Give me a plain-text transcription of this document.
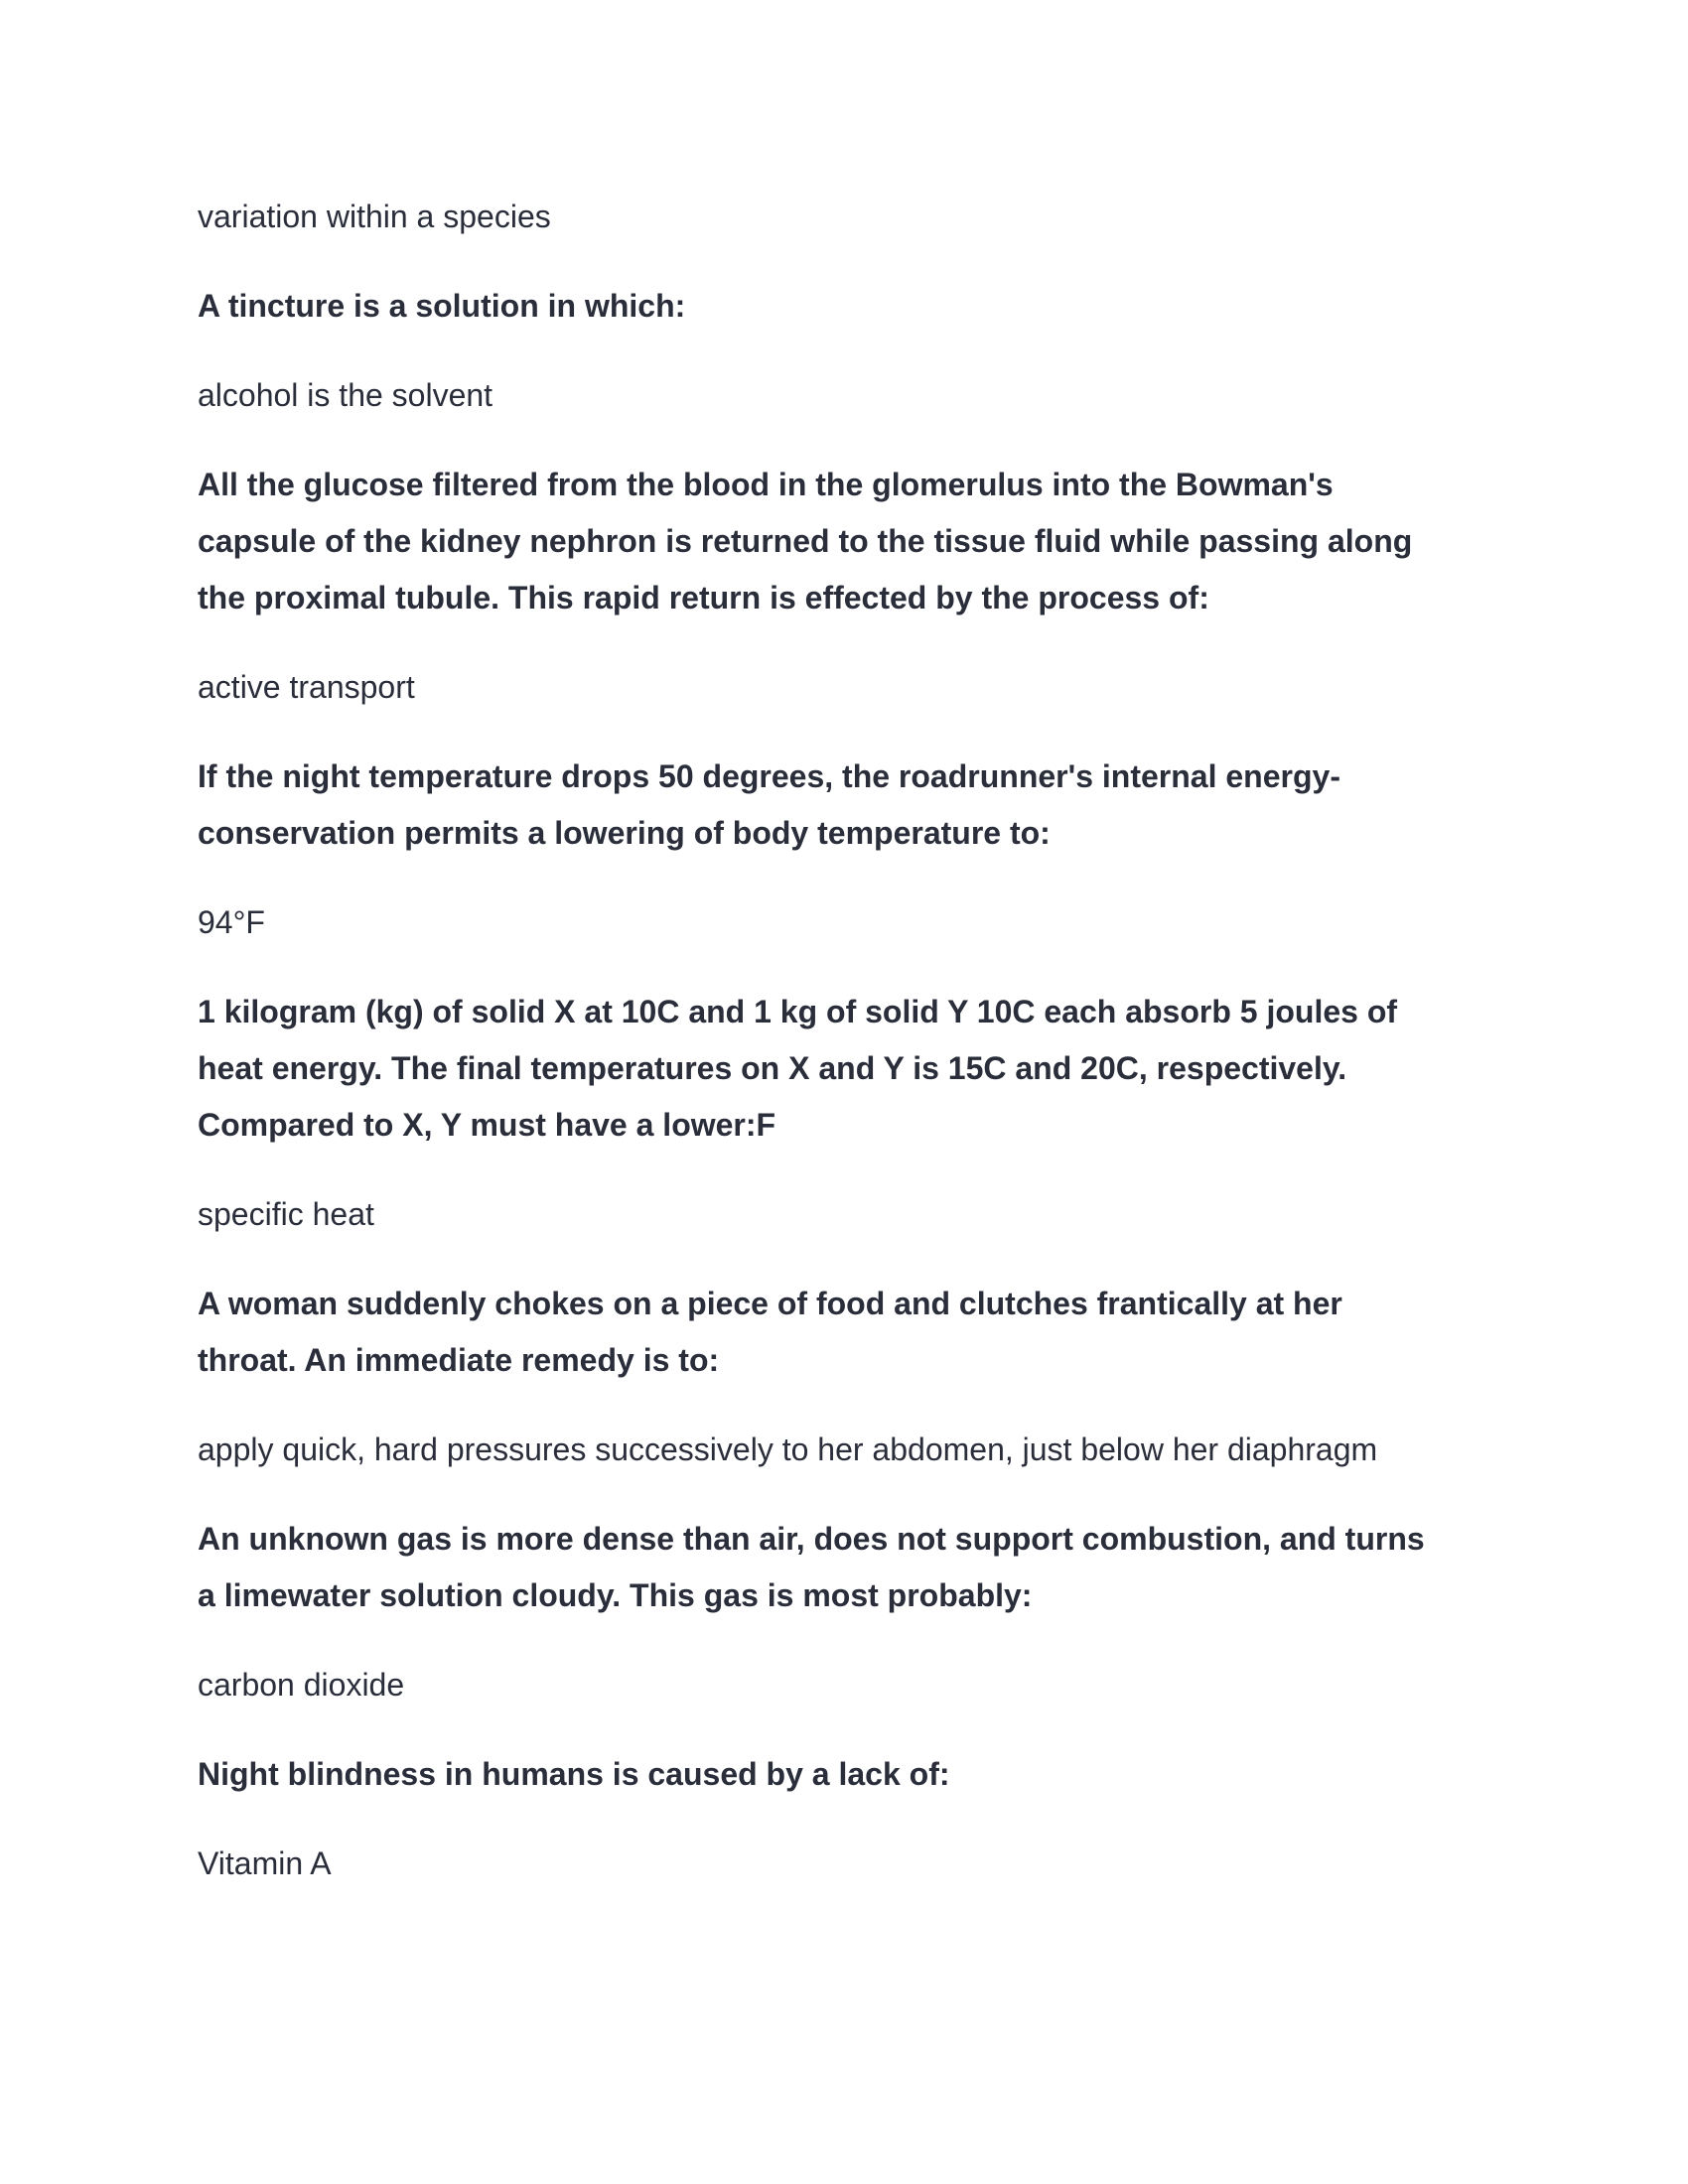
variation within a species

A tincture is a solution in which:

alcohol is the solvent

All the glucose filtered from the blood in the glomerulus into the Bowman's
capsule of the kidney nephron is returned to the tissue fluid while passing along
the proximal tubule. This rapid return is effected by the process of:

active transport

If the night temperature drops 50 degrees, the roadrunner's internal energy-
conservation permits a lowering of body temperature to:

94°F

1 kilogram (kg) of solid X at 10C and 1 kg of solid Y 10C each absorb 5 joules of
heat energy. The final temperatures on X and Y is 15C and 20C, respectively.
Compared to X, Y must have a lower:F

specific heat

A woman suddenly chokes on a piece of food and clutches frantically at her
throat. An immediate remedy is to:

apply quick, hard pressures successively to her abdomen, just below her diaphragm

An unknown gas is more dense than air, does not support combustion, and turns
a limewater solution cloudy. This gas is most probably:

carbon dioxide

Night blindness in humans is caused by a lack of:

Vitamin A
